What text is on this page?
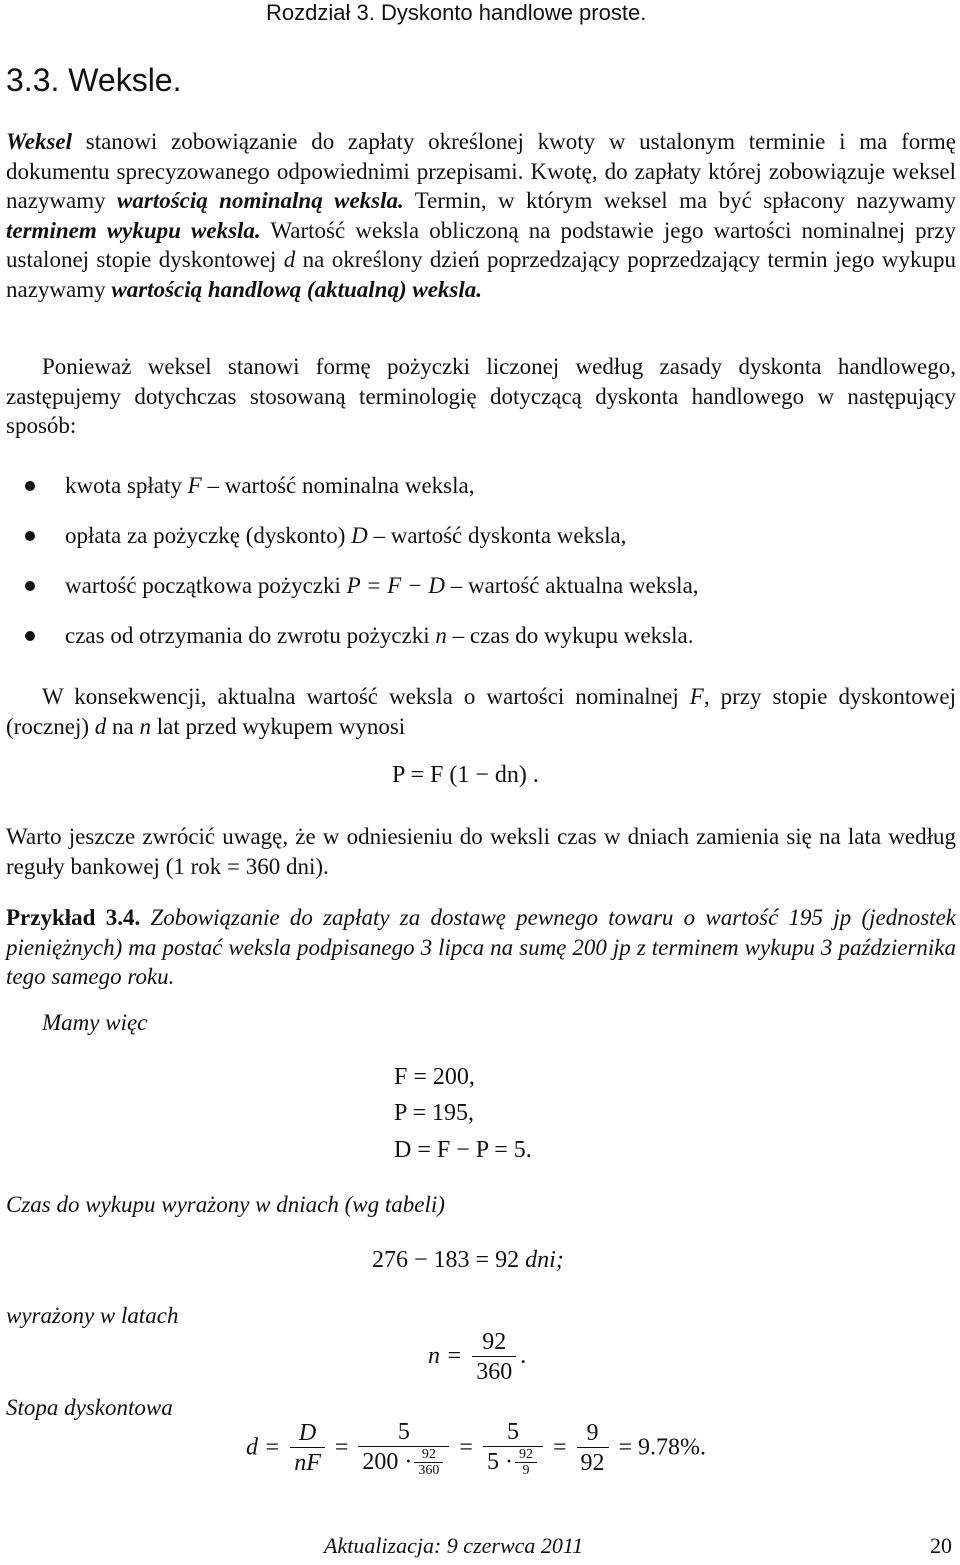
Rozdział 3. Dyskonto handlowe proste.
3.3. Weksle.
Weksel stanowi zobowiązanie do zapłaty określonej kwoty w ustalonym terminie i ma formę dokumentu sprecyzowanego odpowiednimi przepisami. Kwotę, do zapłaty której zobowiązuje weksel nazywamy wartością nominalną weksla. Termin, w którym weksel ma być spłacony nazywamy terminem wykupu weksla. Wartość weksla obliczoną na podstawie jego wartości nominalnej przy ustalonej stopie dyskontowej d na określony dzień poprzedzający poprzedzający termin jego wykupu nazywamy wartością handlową (aktualną) weksla.
Ponieważ weksel stanowi formę pożyczki liczonej według zasady dyskonta handlowego, zastępujemy dotychczas stosowaną terminologię dotyczącą dyskonta handlowego w następujący sposób:
kwota spłaty F – wartość nominalna weksla,
opłata za pożyczkę (dyskonto) D – wartość dyskonta weksla,
wartość początkowa pożyczki P = F − D – wartość aktualna weksla,
czas od otrzymania do zwrotu pożyczki n – czas do wykupu weksla.
W konsekwencji, aktualna wartość weksla o wartości nominalnej F, przy stopie dyskontowej (rocznej) d na n lat przed wykupem wynosi
P = F (1 − dn) .
Warto jeszcze zwrócić uwagę, że w odniesieniu do weksli czas w dniach zamienia się na lata według reguły bankowej (1 rok = 360 dni).
Przykład 3.4. Zobowiązanie do zapłaty za dostawę pewnego towaru o wartość 195 jp (jednostek pieniężnych) ma postać weksla podpisanego 3 lipca na sumę 200 jp z terminem wykupu 3 października tego samego roku.
Mamy więc
F = 200,
P = 195,
D = F − P = 5.
Czas do wykupu wyrażony w dniach (wg tabeli)
276 − 183 = 92 dni;
wyrażony w latach
$n = \frac{92}{360}$ .
Stopa dyskontowa
$d = \frac{D}{nF} = \frac{5}{200 \cdot \frac{92}{360}} = \frac{5}{5 \cdot \frac{92}{9}} = \frac{9}{92} = 9.78\%$.
Aktualizacja: 9 czerwca 2011	20
